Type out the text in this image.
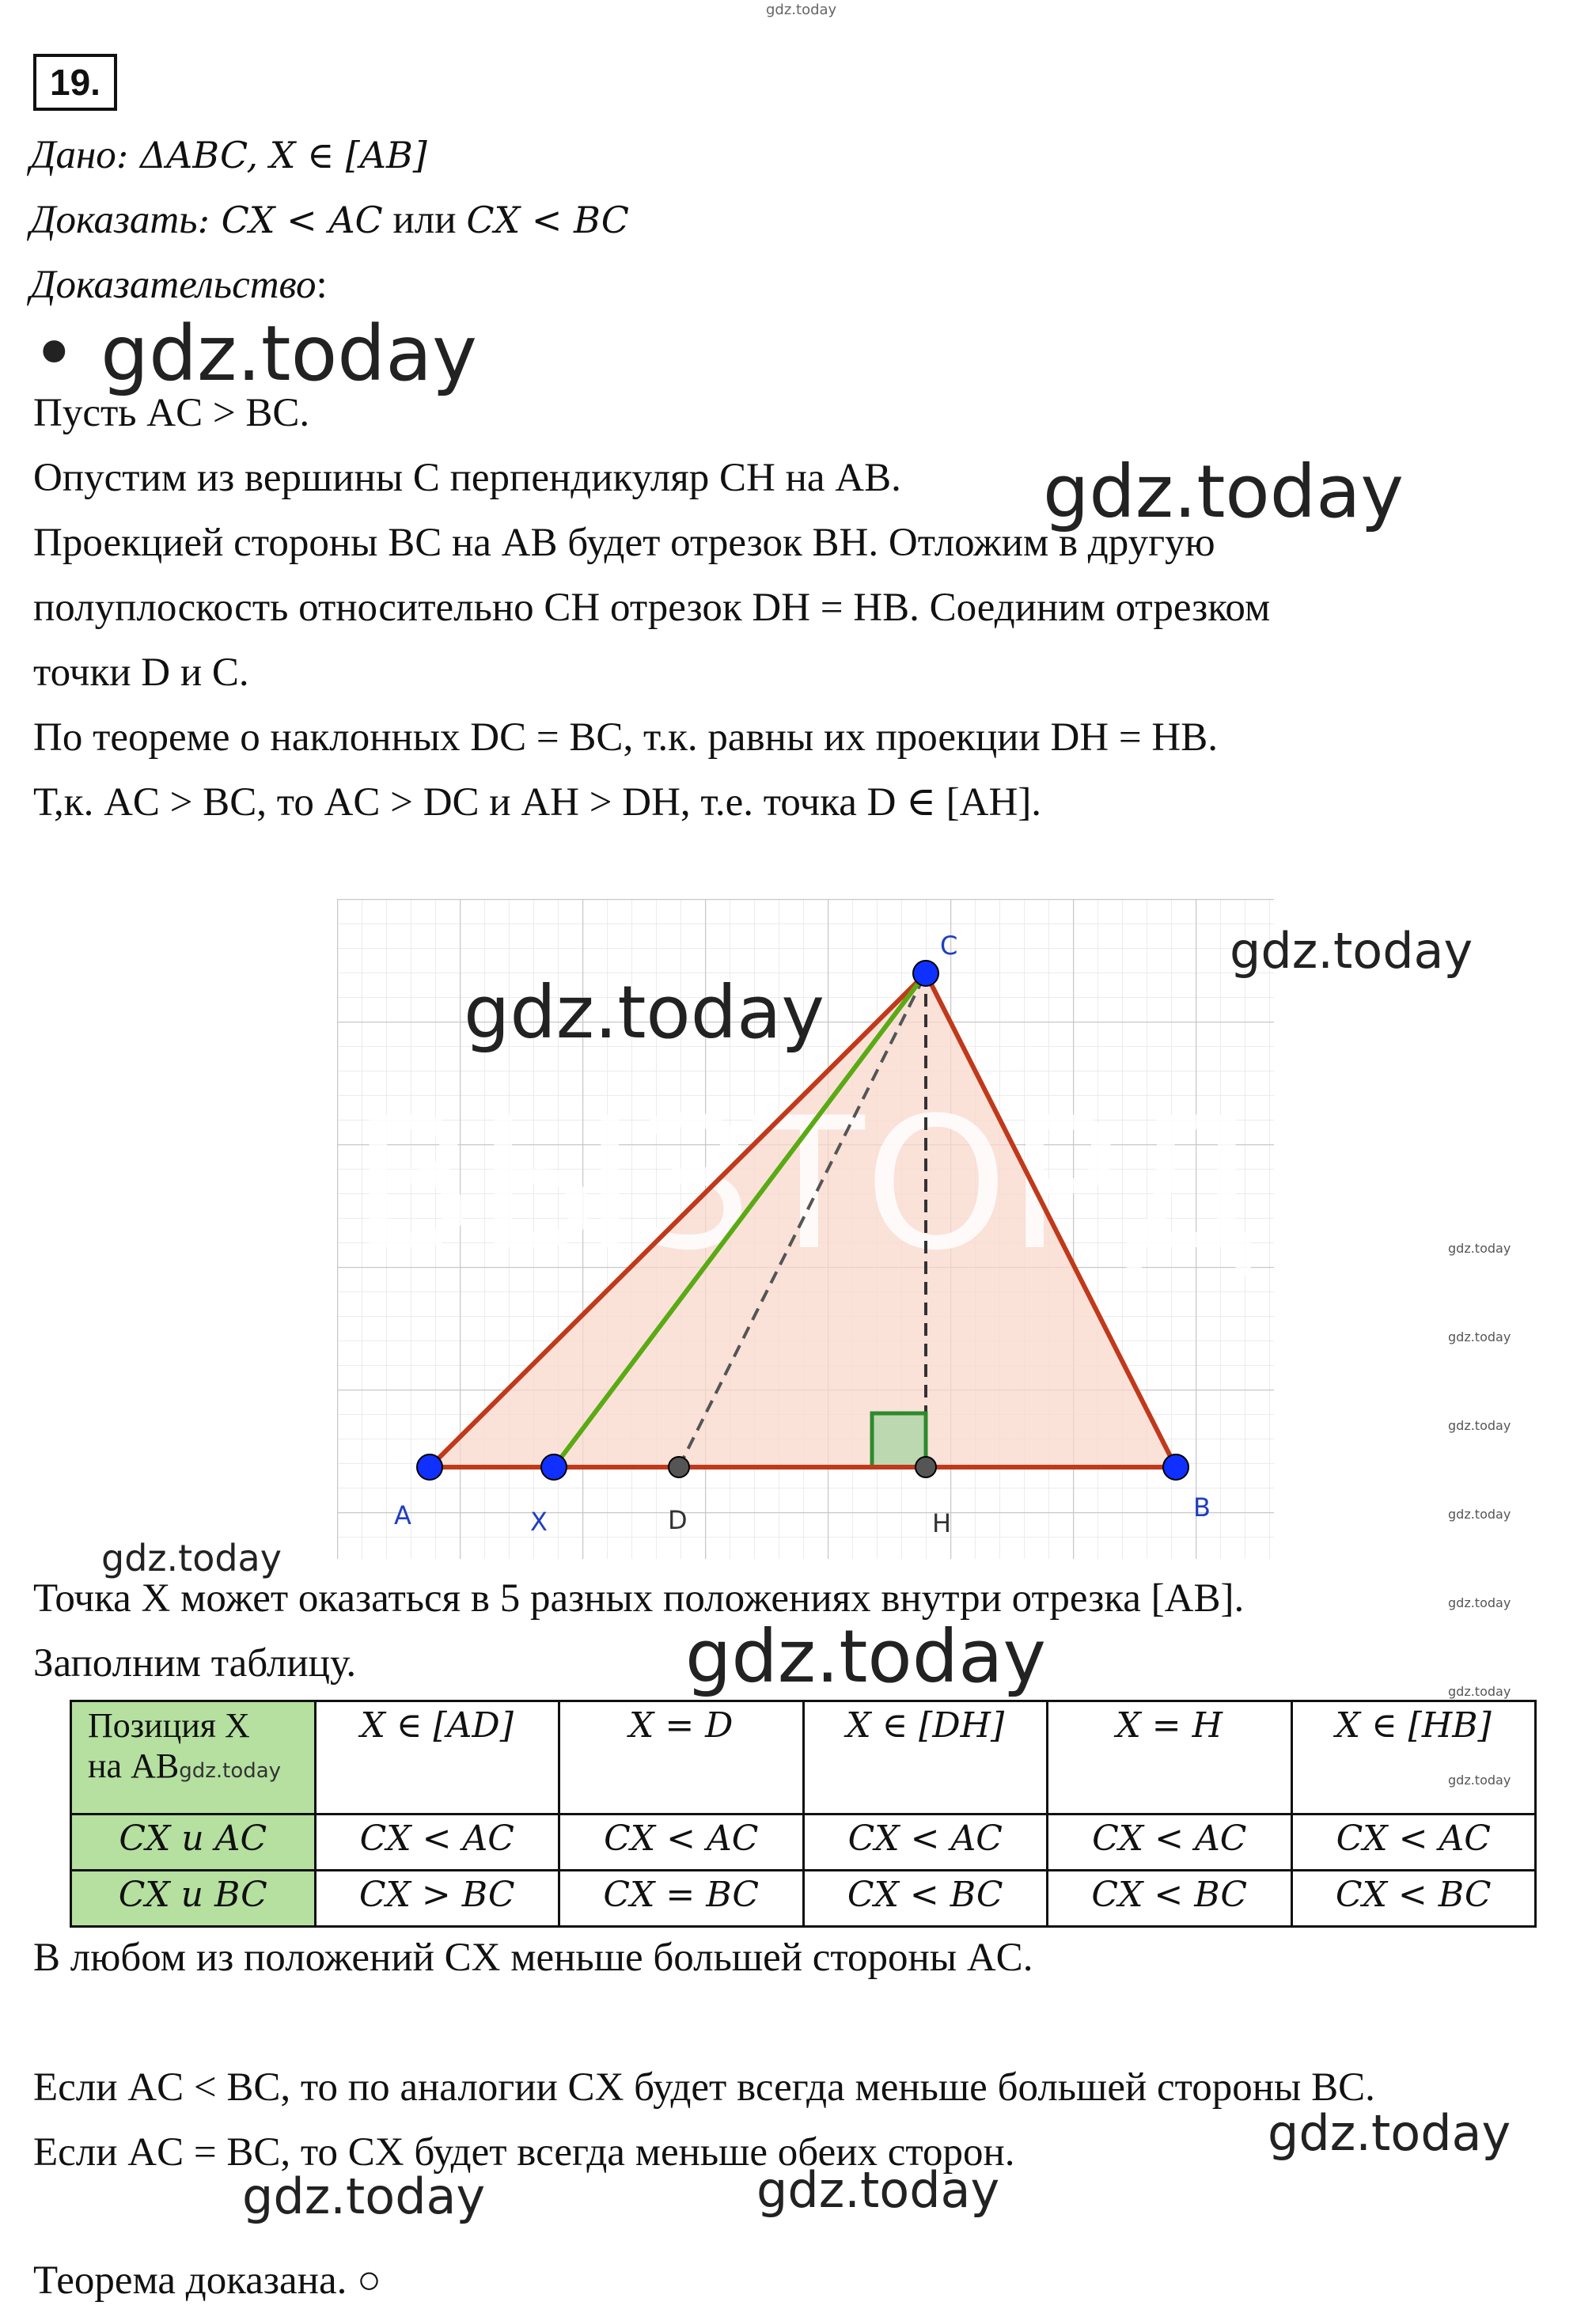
gdz.today
19.
Дано: ΔABC, X ∈ [AB]
Доказать: CX < AC или CX < BC
Доказательство:
• gdz.today
Пусть AC > BC.
Опустим из вершины C перпендикуляр CH на AB. gdz.today
Проекцией стороны BC на AB будет отрезок BH. Отложим в другую
полуплоскость относительно CH отрезок DH = HB. Соединим отрезком
точки D и C.
По теореме о наклонных DC = BC, т.к. равны их проекции DH = HB.
Т,к. AC > BC, то AC > DC и AH > DH, т.е. точка D ∈ [AH].
ВЫЗТОРД
A	X	D	H
B
C
gdz.today
gdz.today
gdz.today
gdz.today
gdz.today
gdz.today
gdz.today
gdz.today
gdz.today
gdz.today
Точка X может оказаться в 5 разных положениях внутри отрезка [AB].
Заполним таблицу.	gdz.today
Позиция X
на ABgdz.today	X ∈ [AD]	X = D	X ∈ [DH]	X = H	X ∈ [HB]
CX и AC	CX < AC	CX < AC	CX < AC	CX < AC	CX < AC
CX и BC	CX > BC	CX = BC	CX < BC	CX < BC	CX < BC
В любом из положений CX меньше большей стороны AC.
Если AC < BC, то по аналогии CX будет всегда меньше большей стороны BC.
Если AC = BC, то CX будет всегда меньше обеих сторон.	gdz.today
gdz.today	gdz.today
Теорема доказана. ○
